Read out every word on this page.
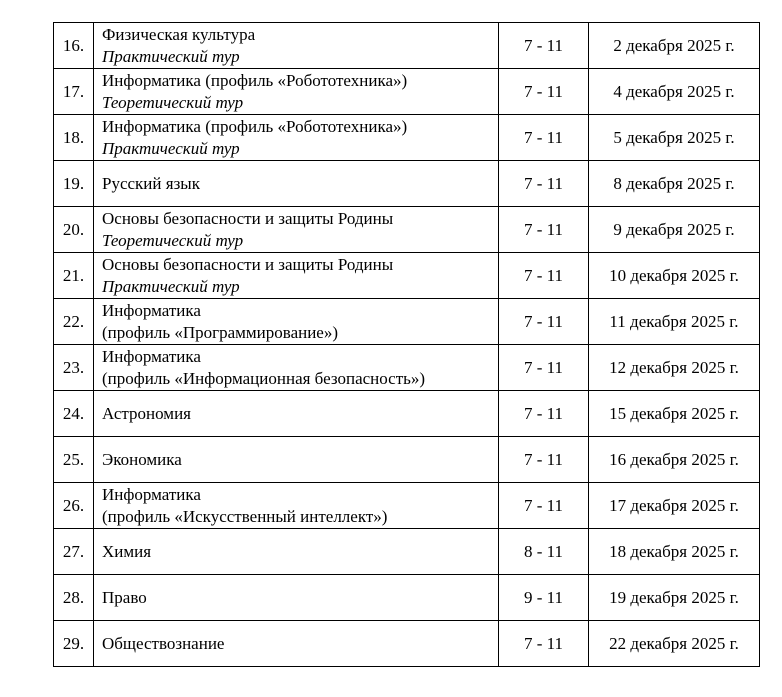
16.	Физическая культура
Практический тур	7 - 11	2 декабря 2025 г.
17.	Информатика (профиль «Робототехника»)
Теоретический тур	7 - 11	4 декабря 2025 г.
18.	Информатика (профиль «Робототехника»)
Практический тур	7 - 11	5 декабря 2025 г.
19.	Русский язык	7 - 11	8 декабря 2025 г.
20.	Основы безопасности и защиты Родины
Теоретический тур	7 - 11	9 декабря 2025 г.
21.	Основы безопасности и защиты Родины
Практический тур	7 - 11	10 декабря 2025 г.
22.	Информатика
(профиль «Программирование»)	7 - 11	11 декабря 2025 г.
23.	Информатика
(профиль «Информационная безопасность»)	7 - 11	12 декабря 2025 г.
24.	Астрономия	7 - 11	15 декабря 2025 г.
25.	Экономика	7 - 11	16 декабря 2025 г.
26.	Информатика
(профиль «Искусственный интеллект»)	7 - 11	17 декабря 2025 г.
27.	Химия	8 - 11	18 декабря 2025 г.
28.	Право	9 - 11	19 декабря 2025 г.
29.	Обществознание	7 - 11	22 декабря 2025 г.
